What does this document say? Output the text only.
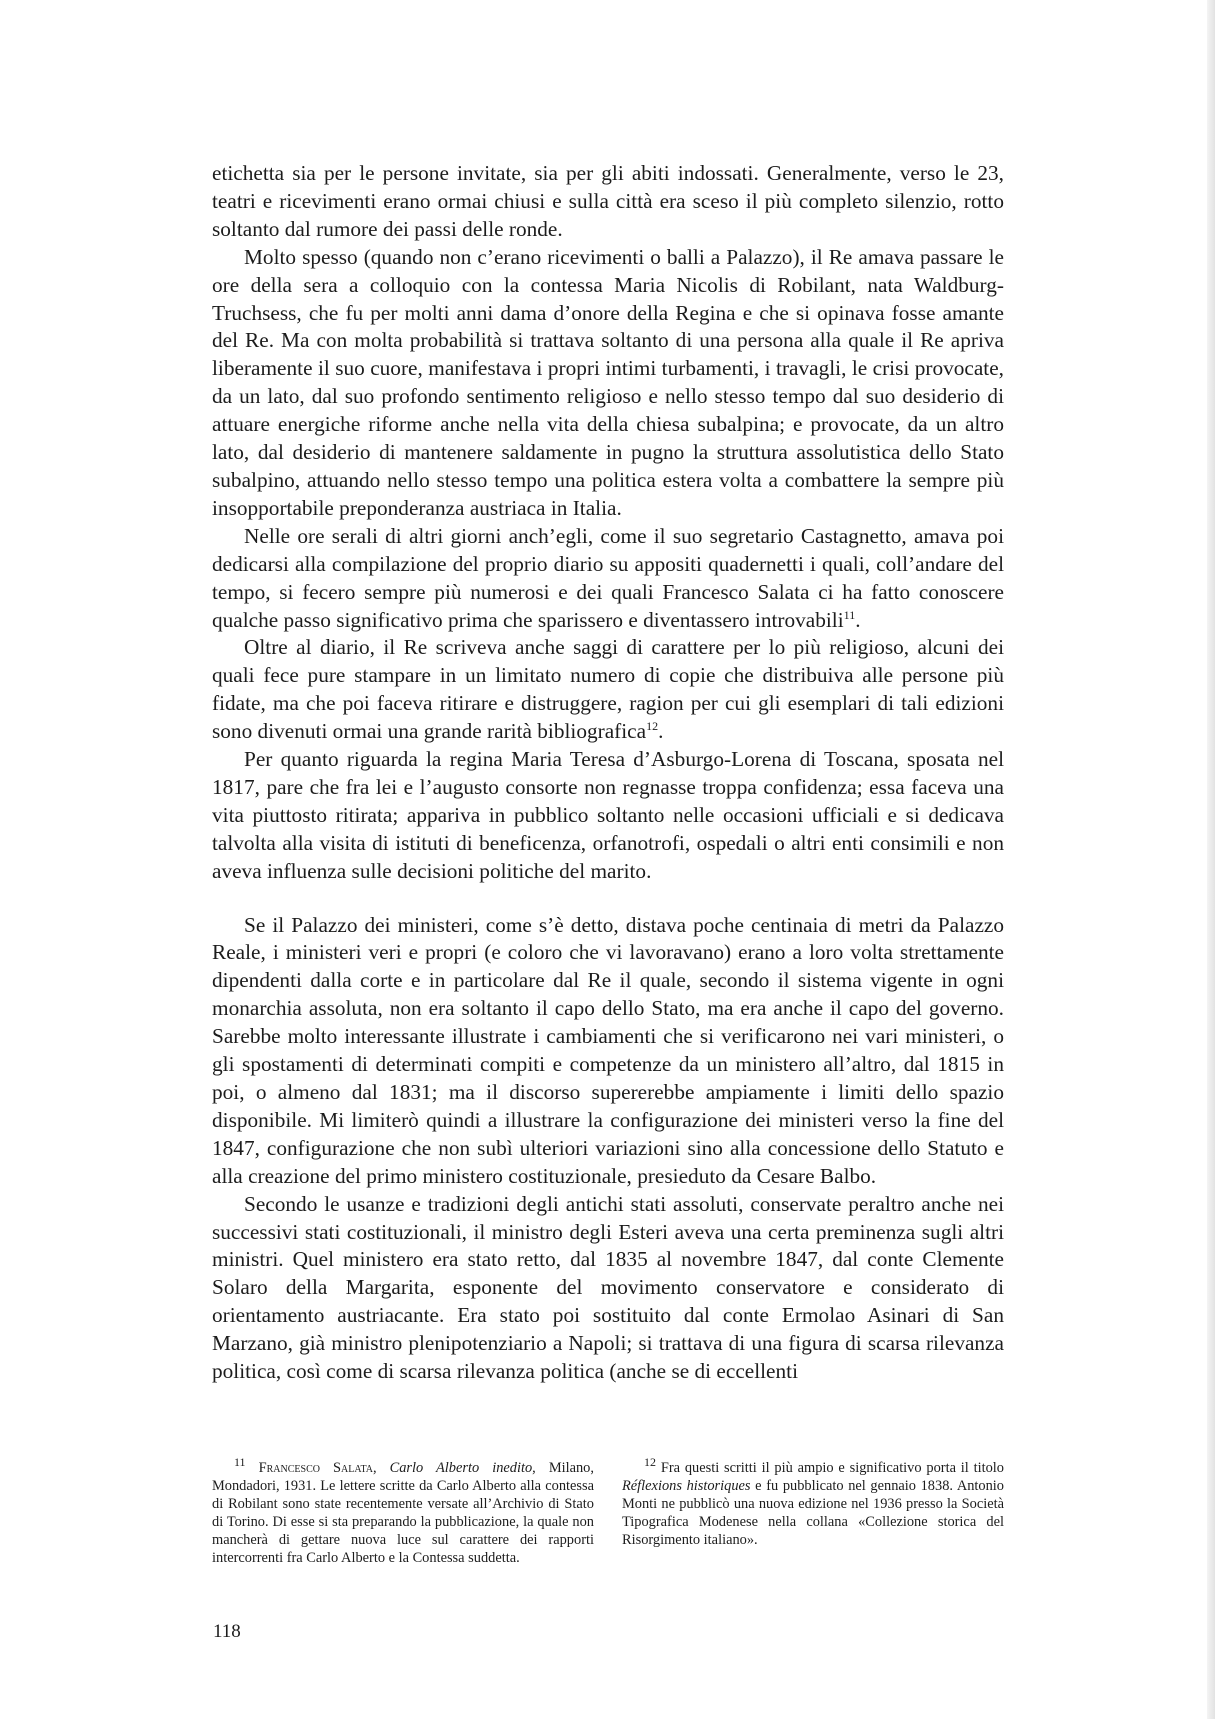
etichetta sia per le persone invitate, sia per gli abiti indossati. Generalmente, verso le 23, teatri e ricevimenti erano ormai chiusi e sulla città era sceso il più completo silenzio, rotto soltanto dal rumore dei passi delle ronde.

Molto spesso (quando non c’erano ricevimenti o balli a Palazzo), il Re amava passare le ore della sera a colloquio con la contessa Maria Nicolis di Robilant, nata Waldburg-Truchsess, che fu per molti anni dama d’onore della Regina e che si opinava fosse amante del Re. Ma con molta probabilità si trattava soltanto di una persona alla quale il Re apriva liberamente il suo cuore, manifestava i propri intimi turbamenti, i travagli, le crisi provocate, da un lato, dal suo profondo sentimento religioso e nello stesso tempo dal suo desiderio di attuare energiche riforme anche nella vita della chiesa subalpina; e provocate, da un altro lato, dal desiderio di mantenere saldamente in pugno la struttura assolutistica dello Stato subalpino, attuando nello stesso tempo una politica estera volta a combattere la sempre più insopportabile preponderanza austriaca in Italia.

Nelle ore serali di altri giorni anch’egli, come il suo segretario Castagnetto, amava poi dedicarsi alla compilazione del proprio diario su appositi quadernetti i quali, coll’andare del tempo, si fecero sempre più numerosi e dei quali Francesco Salata ci ha fatto conoscere qualche passo significativo prima che sparissero e diventassero introvabili$^{11}$.

Oltre al diario, il Re scriveva anche saggi di carattere per lo più religioso, alcuni dei quali fece pure stampare in un limitato numero di copie che distribuiva alle persone più fidate, ma che poi faceva ritirare e distruggere, ragion per cui gli esemplari di tali edizioni sono divenuti ormai una grande rarità bibliografica$^{12}$.

Per quanto riguarda la regina Maria Teresa d’Asburgo-Lorena di Toscana, sposata nel 1817, pare che fra lei e l’augusto consorte non regnasse troppa confidenza; essa faceva una vita piuttosto ritirata; appariva in pubblico soltanto nelle occasioni ufficiali e si dedicava talvolta alla visita di istituti di beneficenza, orfanotrofi, ospedali o altri enti consimili e non aveva influenza sulle decisioni politiche del marito.

Se il Palazzo dei ministeri, come s’è detto, distava poche centinaia di metri da Palazzo Reale, i ministeri veri e propri (e coloro che vi lavoravano) erano a loro volta strettamente dipendenti dalla corte e in particolare dal Re il quale, secondo il sistema vigente in ogni monarchia assoluta, non era soltanto il capo dello Stato, ma era anche il capo del governo. Sarebbe molto interessante illustrate i cambiamenti che si verificarono nei vari ministeri, o gli spostamenti di determinati compiti e competenze da un ministero all’altro, dal 1815 in poi, o almeno dal 1831; ma il discorso supererebbe ampiamente i limiti dello spazio disponibile. Mi limiterò quindi a illustrare la configurazione dei ministeri verso la fine del 1847, configurazione che non subì ulteriori variazioni sino alla concessione dello Statuto e alla creazione del primo ministero costituzionale, presieduto da Cesare Balbo.

Secondo le usanze e tradizioni degli antichi stati assoluti, conservate peraltro anche nei successivi stati costituzionali, il ministro degli Esteri aveva una certa preminenza sugli altri ministri. Quel ministero era stato retto, dal 1835 al novembre 1847, dal conte Clemente Solaro della Margarita, esponente del movimento conservatore e considerato di orientamento austriacante. Era stato poi sostituito dal conte Ermolao Asinari di San Marzano, già ministro plenipotenziario a Napoli; si trattava di una figura di scarsa rilevanza politica, così come di scarsa rilevanza politica (anche se di eccellenti

$^{11}$ Francesco Salata, Carlo Alberto inedito, Milano, Mondadori, 1931. Le lettere scritte da Carlo Alberto alla contessa di Robilant sono state recentemente versate all’Archivio di Stato di Torino. Di esse si sta preparando la pubblicazione, la quale non mancherà di gettare nuova luce sul carattere dei rapporti intercorrenti fra Carlo Alberto e la Contessa suddetta.

$^{12}$ Fra questi scritti il più ampio e significativo porta il titolo Réflexions historiques e fu pubblicato nel gennaio 1838. Antonio Monti ne pubblicò una nuova edizione nel 1936 presso la Società Tipografica Modenese nella collana «Collezione storica del Risorgimento italiano».

118
